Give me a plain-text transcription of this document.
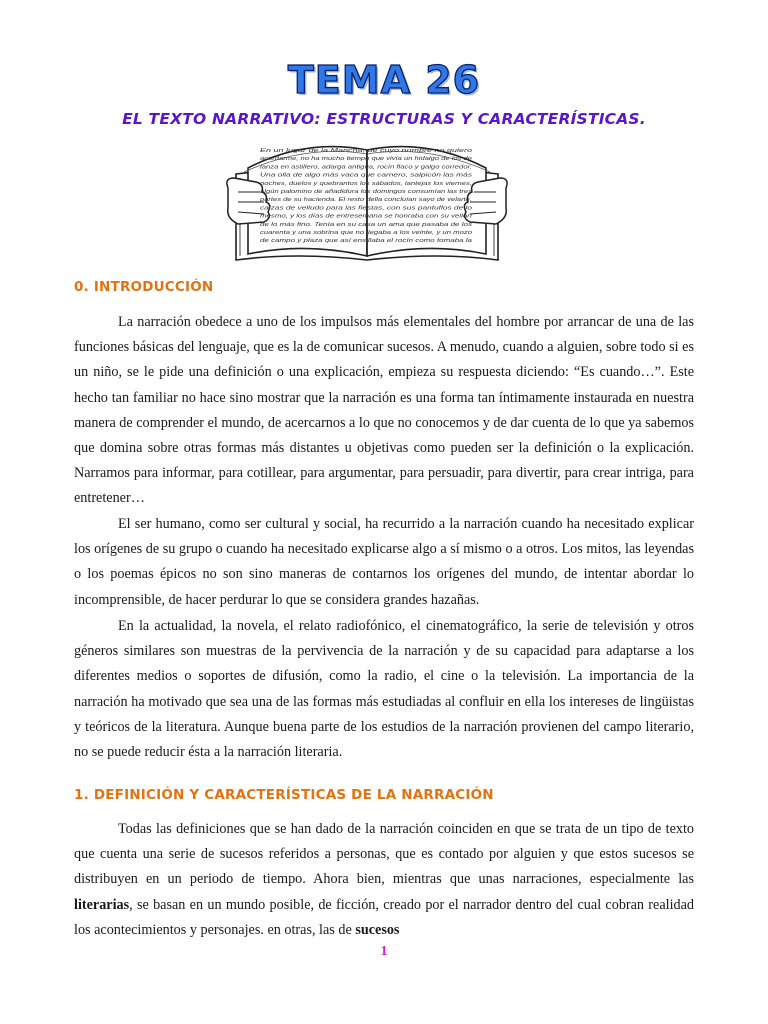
TEMA 26
EL TEXTO NARRATIVO: ESTRUCTURAS Y CARACTERÍSTICAS.
En un lugar de la Mancha, de cuyo nombre no quiero
acordarme, no ha mucho tiempo que vivía un hidalgo de los de
lanza en astillero, adarga antigua, rocín flaco y galgo corredor.
Una olla de algo más vaca que carnero, salpicón las más
noches, duelos y quebrantos los sábados, lantejas los viernes,
algún palomino de añadidura los domingos consumían las tres
partes de su hacienda. El resto della concluían sayo de velarte,
calzas de velludo para las fiestas, con sus pantuflos de lo
mesmo, y los días de entresemana se honraba con su vellorí
de lo más fino. Tenía en su casa un ama que pasaba de los
cuarenta y una sobrina que no llegaba a los veinte, y un mozo
de campo y plaza que así ensillaba el rocín como tomaba la
0. INTRODUCCIÓN

La narración obedece a uno de los impulsos más elementales del hombre por arrancar de una de las funciones básicas del lenguaje, que es la de comunicar sucesos. A menudo, cuando a alguien, sobre todo si es un niño, se le pide una definición o una explicación, empieza su respuesta diciendo: “Es cuando…”. Este hecho tan familiar no hace sino mostrar que la narración es una forma tan íntimamente instaurada en nuestra manera de comprender el mundo, de acercarnos a lo que no conocemos y de dar cuenta de lo que ya sabemos que domina sobre otras formas más distantes u objetivas como pueden ser la definición o la explicación. Narramos para informar, para cotillear, para argumentar, para persuadir, para divertir, para crear intriga, para entretener…

El ser humano, como ser cultural y social, ha recurrido a la narración cuando ha necesitado explicar los orígenes de su grupo o cuando ha necesitado explicarse algo a sí mismo o a otros. Los mitos, las leyendas o los poemas épicos no son sino maneras de contarnos los orígenes del mundo, de intentar abordar lo incomprensible, de hacer perdurar lo que se considera grandes hazañas.

En la actualidad, la novela, el relato radiofónico, el cinematográfico, la serie de televisión y otros géneros similares son muestras de la pervivencia de la narración y de su capacidad para adaptarse a los diferentes medios o soportes de difusión, como la radio, el cine o la televisión. La importancia de la narración ha motivado que sea una de las formas más estudiadas al confluir en ella los intereses de lingüistas y teóricos de la literatura. Aunque buena parte de los estudios de la narración provienen del campo literario, no se puede reducir ésta a la narración literaria.

1. DEFINICIÓN Y CARACTERÍSTICAS DE LA NARRACIÓN

Todas las definiciones que se han dado de la narración coinciden en que se trata de un tipo de texto que cuenta una serie de sucesos referidos a personas, que es contado por alguien y que estos sucesos se distribuyen en un periodo de tiempo. Ahora bien, mientras que unas narraciones, especialmente las literarias, se basan en un mundo posible, de ficción, creado por el narrador dentro del cual cobran realidad los acontecimientos y personajes. en otras, las de sucesos

1
